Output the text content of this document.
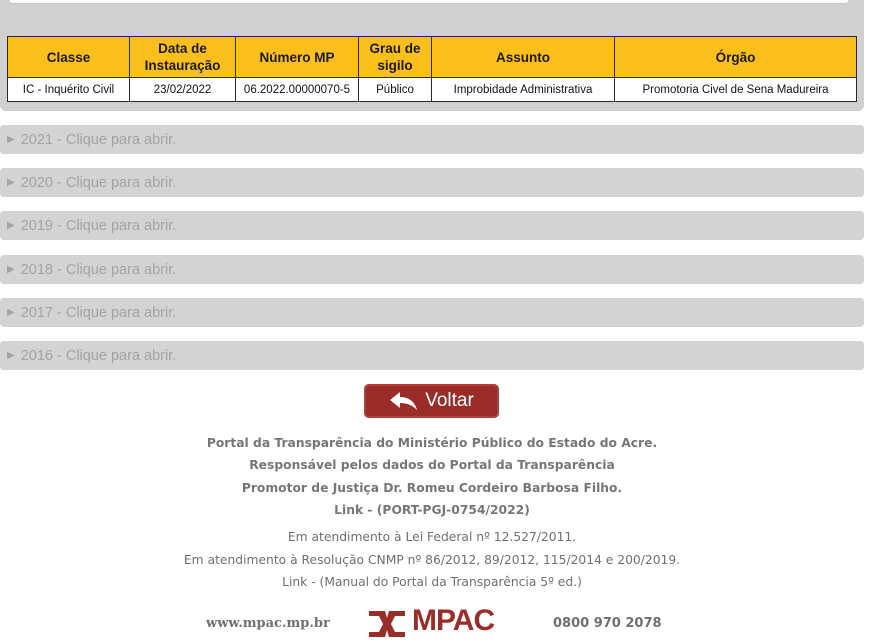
Classe	Data de Instauração	Número MP	Grau de sigilo	Assunto	Órgão
IC - Inquérito Civil	23/02/2022	06.2022.00000070-5	Público	Improbidade Administrativa	Promotoria Civel de Sena Madureira
▶ 2021 - Clique para abrir.
▶ 2020 - Clique para abrir.
▶ 2019 - Clique para abrir.
▶ 2018 - Clique para abrir.
▶ 2017 - Clique para abrir.
▶ 2016 - Clique para abrir.
Voltar
Portal da Transparência do Ministério Público do Estado do Acre.
Responsável pelos dados do Portal da Transparência
Promotor de Justiça Dr. Romeu Cordeiro Barbosa Filho.
Link - (PORT-PGJ-0754/2022)
Em atendimento à Lei Federal nº 12.527/2011.
Em atendimento à Resolução CNMP nº 86/2012, 89/2012, 115/2014 e 200/2019.
Link - (Manual do Portal da Transparência 5º ed.)
www.mpac.mp.br	MPAC	0800 970 2078
